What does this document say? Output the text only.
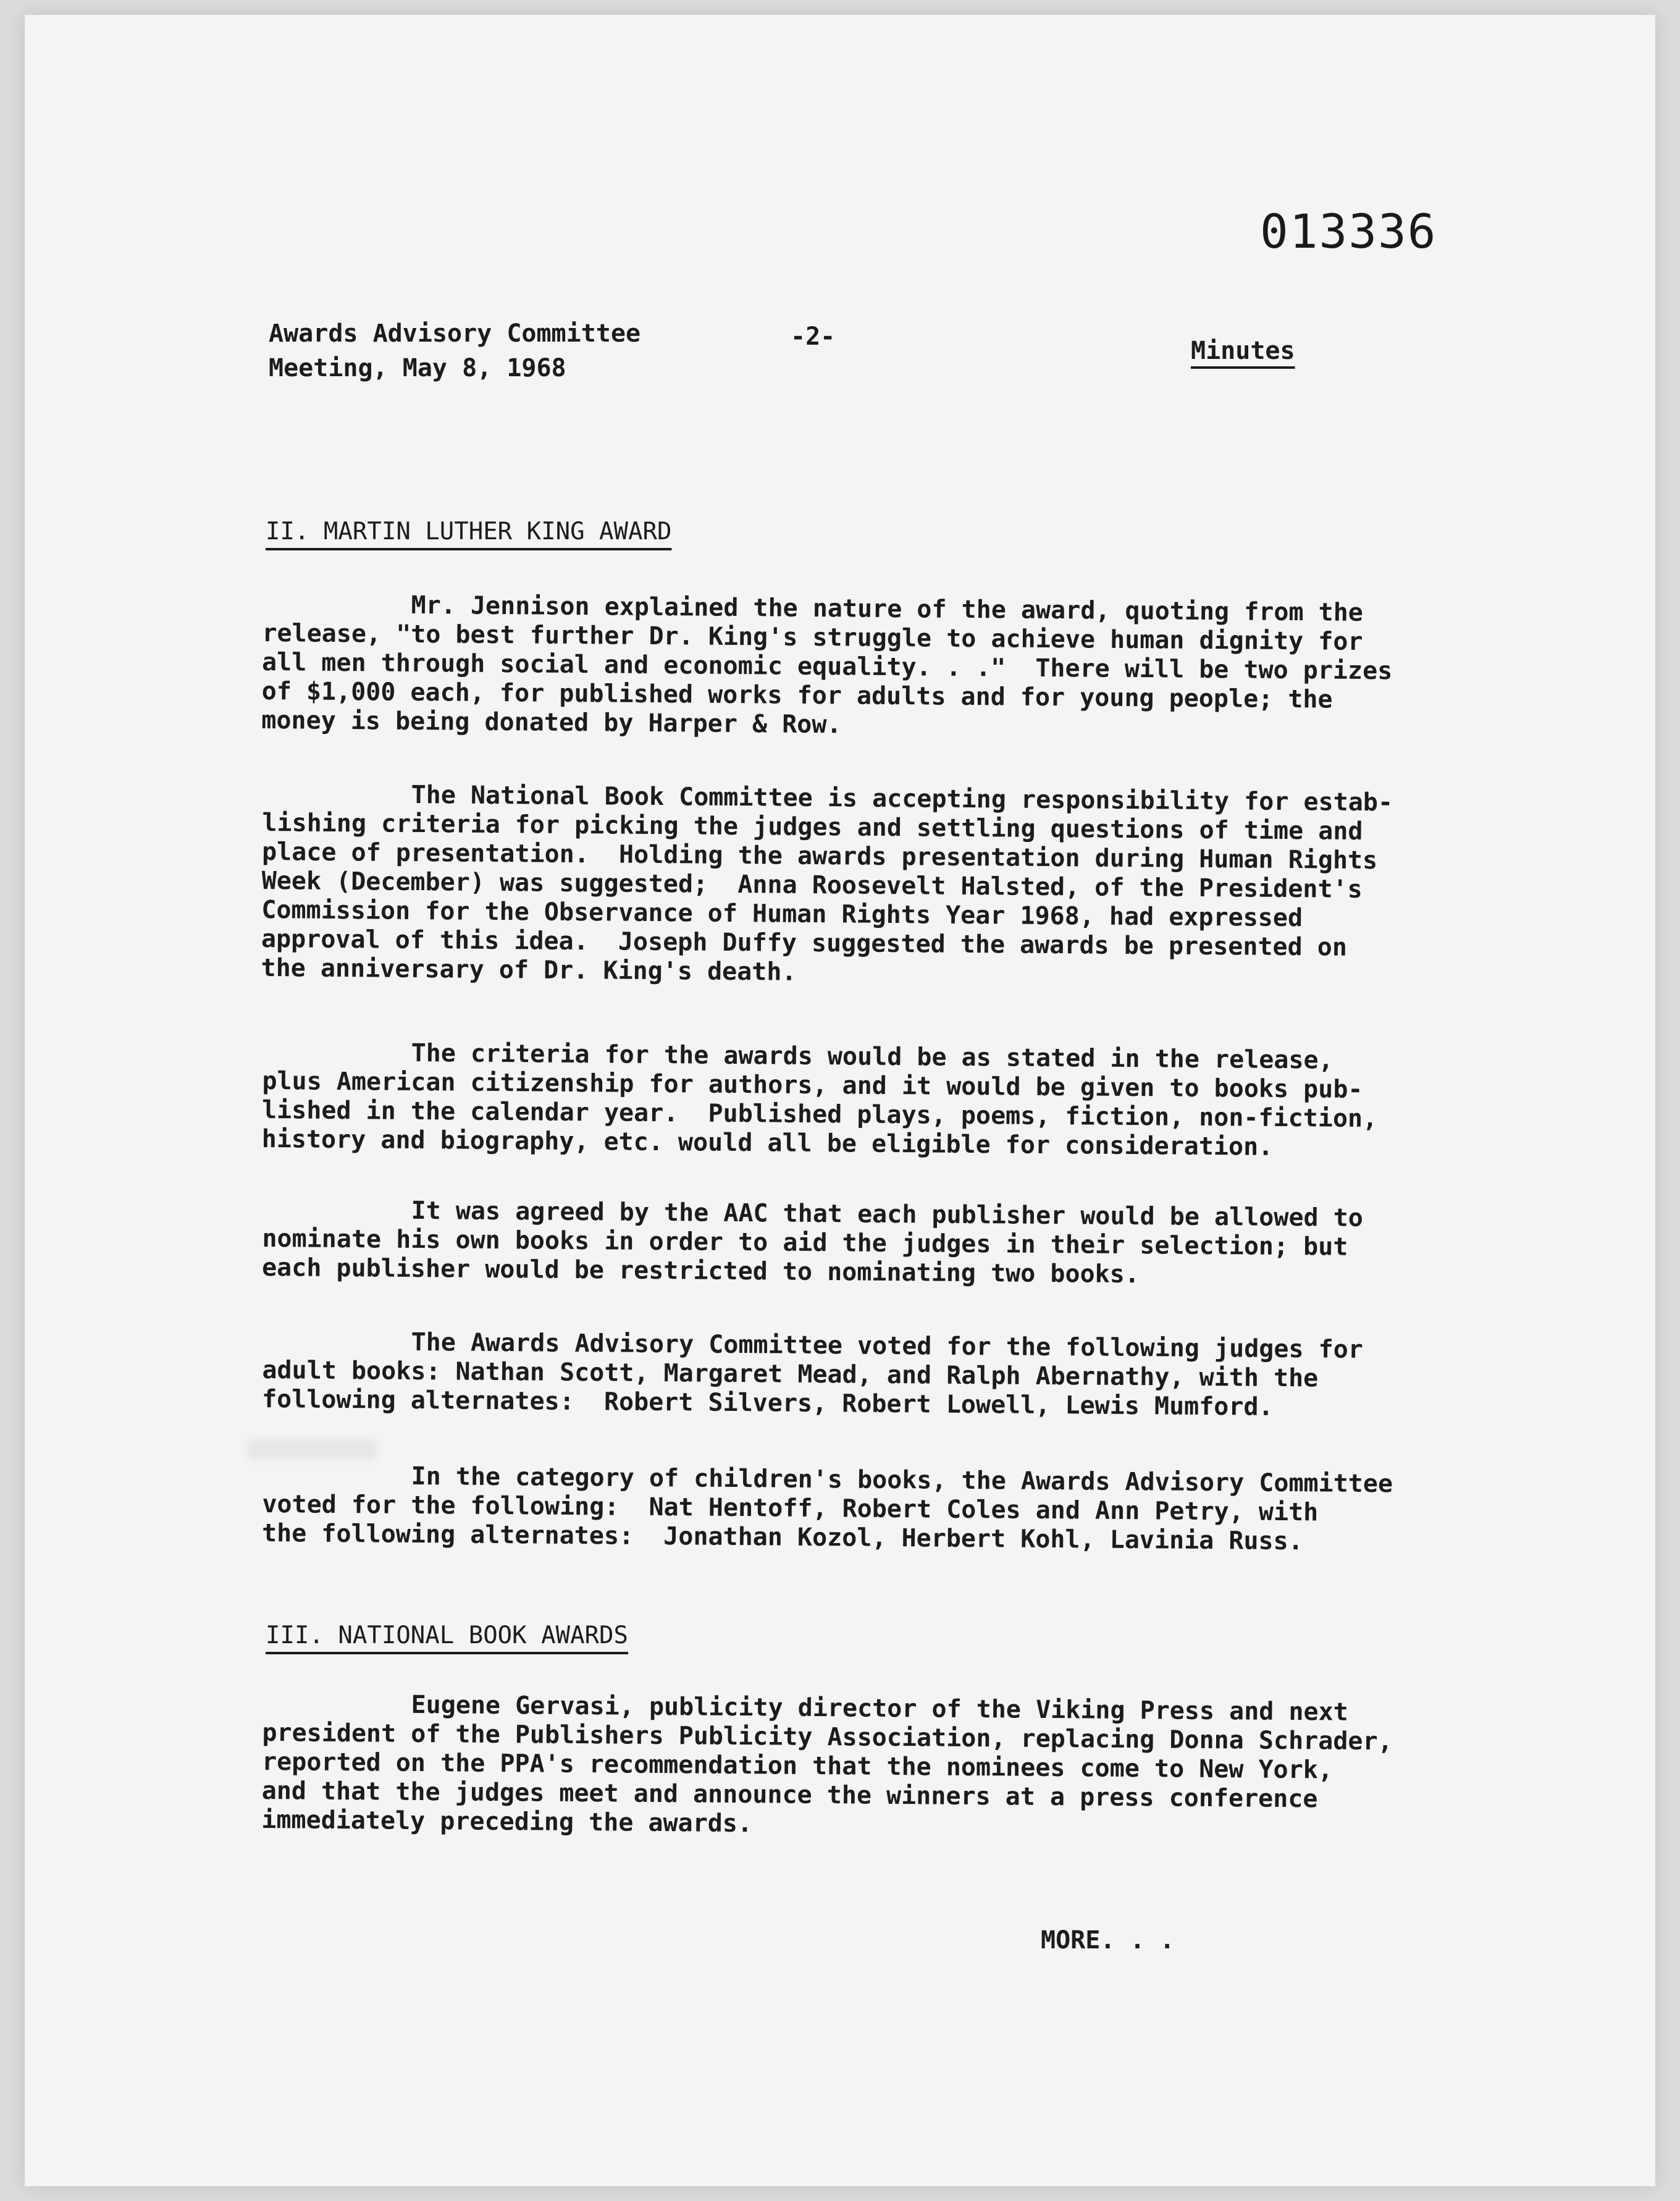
013336
Awards Advisory Committee
Meeting, May 8, 1968
-2-	Minutes
II. MARTIN LUTHER KING AWARD
Mr. Jennison explained the nature of the award, quoting from the
release, "to best further Dr. King's struggle to achieve human dignity for
all men through social and economic equality. . ."  There will be two prizes
of $1,000 each, for published works for adults and for young people; the
money is being donated by Harper & Row.
The National Book Committee is accepting responsibility for estab-
lishing criteria for picking the judges and settling questions of time and
place of presentation.  Holding the awards presentation during Human Rights
Week (December) was suggested;  Anna Roosevelt Halsted, of the President's
Commission for the Observance of Human Rights Year 1968, had expressed
approval of this idea.  Joseph Duffy suggested the awards be presented on
the anniversary of Dr. King's death.
The criteria for the awards would be as stated in the release,
plus American citizenship for authors, and it would be given to books pub-
lished in the calendar year.  Published plays, poems, fiction, non-fiction,
history and biography, etc. would all be eligible for consideration.
It was agreed by the AAC that each publisher would be allowed to
nominate his own books in order to aid the judges in their selection; but
each publisher would be restricted to nominating two books.
The Awards Advisory Committee voted for the following judges for
adult books: Nathan Scott, Margaret Mead, and Ralph Abernathy, with the
following alternates:  Robert Silvers, Robert Lowell, Lewis Mumford.
In the category of children's books, the Awards Advisory Committee
voted for the following:  Nat Hentoff, Robert Coles and Ann Petry, with
the following alternates:  Jonathan Kozol, Herbert Kohl, Lavinia Russ.
III. NATIONAL BOOK AWARDS
Eugene Gervasi, publicity director of the Viking Press and next
president of the Publishers Publicity Association, replacing Donna Schrader,
reported on the PPA's recommendation that the nominees come to New York,
and that the judges meet and announce the winners at a press conference
immediately preceding the awards.
MORE. . .
